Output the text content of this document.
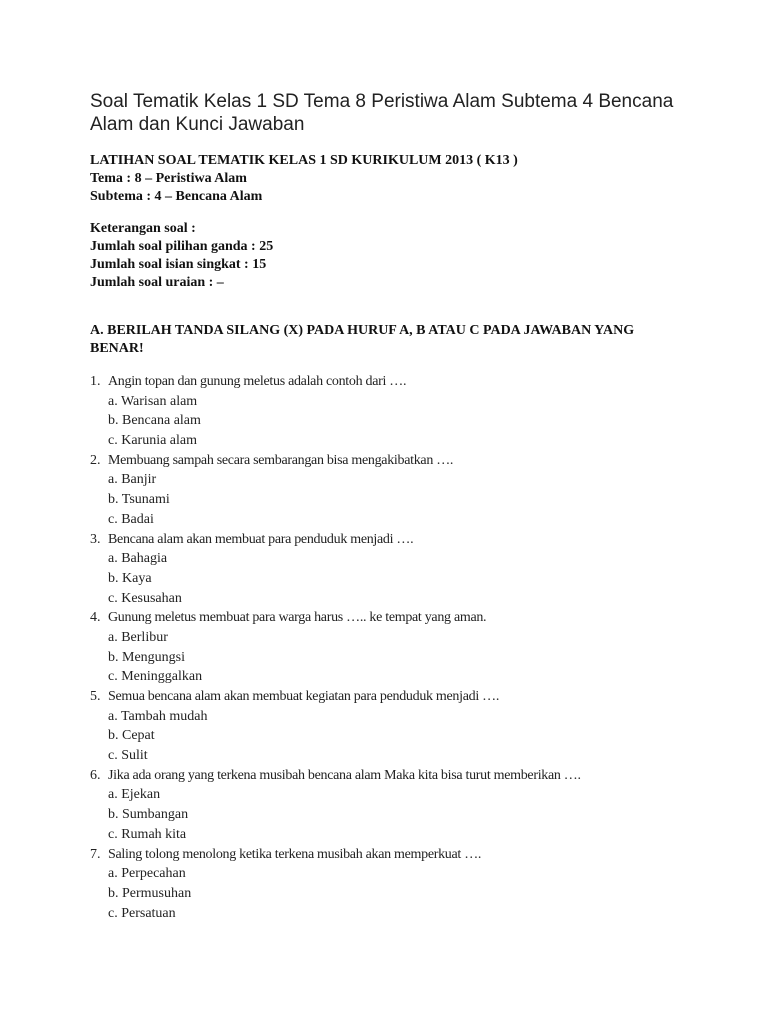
Soal Tematik Kelas 1 SD Tema 8 Peristiwa Alam Subtema 4 Bencana Alam dan Kunci Jawaban
LATIHAN SOAL TEMATIK KELAS 1 SD KURIKULUM 2013 ( K13 )
Tema : 8 – Peristiwa Alam
Subtema : 4 – Bencana Alam
Keterangan soal :
Jumlah soal pilihan ganda : 25
Jumlah soal isian singkat : 15
Jumlah soal uraian : –
A. BERILAH TANDA SILANG (X) PADA HURUF A, B ATAU C PADA JAWABAN YANG BENAR!
1. Angin topan dan gunung meletus adalah contoh dari ….
a. Warisan alam
b. Bencana alam
c. Karunia alam
2. Membuang sampah secara sembarangan bisa mengakibatkan ….
a. Banjir
b. Tsunami
c. Badai
3. Bencana alam akan membuat para penduduk menjadi ….
a. Bahagia
b. Kaya
c. Kesusahan
4. Gunung meletus membuat para warga harus ….. ke tempat yang aman.
a. Berlibur
b. Mengungsi
c. Meninggalkan
5. Semua bencana alam akan membuat kegiatan para penduduk menjadi ….
a. Tambah mudah
b. Cepat
c. Sulit
6. Jika ada orang yang terkena musibah bencana alam Maka kita bisa turut memberikan ….
a. Ejekan
b. Sumbangan
c. Rumah kita
7. Saling tolong menolong ketika terkena musibah akan memperkuat ….
a. Perpecahan
b. Permusuhan
c. Persatuan
